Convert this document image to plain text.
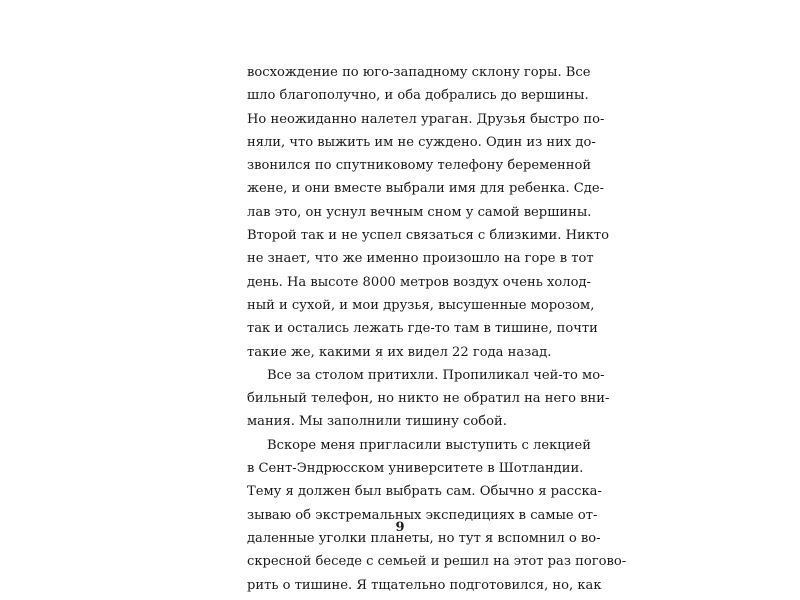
восхождение по юго-западному склону горы. Все
шло благополучно, и оба добрались до вершины.
Но неожиданно налетел ураган. Друзья быстро по-
няли, что выжить им не суждено. Один из них до-
звонился по спутниковому телефону беременной
жене, и они вместе выбрали имя для ребенка. Сде-
лав это, он уснул вечным сном у самой вершины.
Второй так и не успел связаться с близкими. Никто
не знает, что же именно произошло на горе в тот
день. На высоте 8000 метров воздух очень холод-
ный и сухой, и мои друзья, высушенные морозом,
так и остались лежать где-то там в тишине, почти
такие же, какими я их видел 22 года назад.
Все за столом притихли. Пропиликал чей-то мо-
бильный телефон, но никто не обратил на него вни-
мания. Мы заполнили тишину собой.
Вскоре меня пригласили выступить с лекцией
в Сент-Эндрюсском университете в Шотландии.
Тему я должен был выбрать сам. Обычно я расска-
зываю об экстремальных экспедициях в самые от-
даленные уголки планеты, но тут я вспомнил о во-
скресной беседе с семьей и решил на этот раз погово-
рить о тишине. Я тщательно подготовился, но, как
9
